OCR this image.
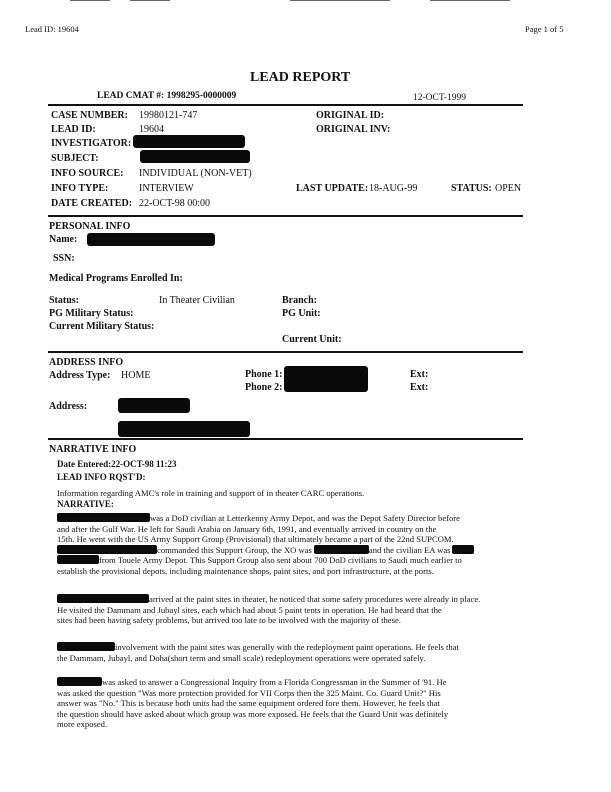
Lead ID: 19604	Page 1 of 5
LEAD REPORT
LEAD CMAT #: 1998295-0000009	12-OCT-1999
CASE NUMBER: 19980121-747
LEAD ID:	19604
INVESTIGATOR:
SUBJECT:
INFO SOURCE: INDIVIDUAL (NON-VET)
INFO TYPE:	INTERVIEW
DATE CREATED: 22-OCT-98 00:00
ORIGINAL ID:
ORIGINAL INV:
LAST UPDATE: 18-AUG-99	STATUS: OPEN
PERSONAL INFO
Name:
SSN:
Medical Programs Enrolled In:
Status:	In Theater Civilian
PG Military Status:
Current Military Status:
Branch:
PG Unit:
Current Unit:
ADDRESS INFO
Address Type: HOME	Phone 1:
Phone 2:
Ext:
Ext:
Address:
NARRATIVE INFO
Date Entered:22-OCT-98 11:23
LEAD INFO RQST'D:
Information regarding AMC's role in training and support of in theater CARC operations.
NARRATIVE:
was a DoD civilian at Letterkenny Army Depot, and was the Depot Safety Director before
and after the Gulf War. He left for Saudi Arabia on January 6th, 1991, and eventually arrived in country on the
15th. He went with the US Army Support Group (Provisional) that ultimately became a part of the 22nd SUPCOM.
commanded this Support Group, the XO was	and the civilian EA was
from Touele Army Depot. This Support Group also sent about 700 DoD civilians to Saudi much earlier to
establish the provisional depots, including maintenance shops, paint sites, and port infrastructure, at the ports.
arrived at the paint sites in theater, he noticed that some safety procedures were already in place.
He visited the Dammam and Jubayl sites, each which had about 5 paint tents in operation. He had heard that the
sites had been having safety problems, but arrived too late to be involved with the majority of these.
involvement with the paint sites was generally with the redeployment paint operations. He feels that
the Dammam, Jubayl, and Doha(short term and small scale) redeployment operations were operated safely.
was asked to answer a Congressional Inquiry from a Florida Congressman in the Summer of '91. He
was asked the question "Was more protection provided for VII Corps then the 325 Maint. Co. Guard Unit?" His
answer was "No." This is because both units had the same equipment ordered fore them. However, he feels that
the question should have asked about which group was more exposed. He feels that the Guard Unit was definitely
more exposed.
